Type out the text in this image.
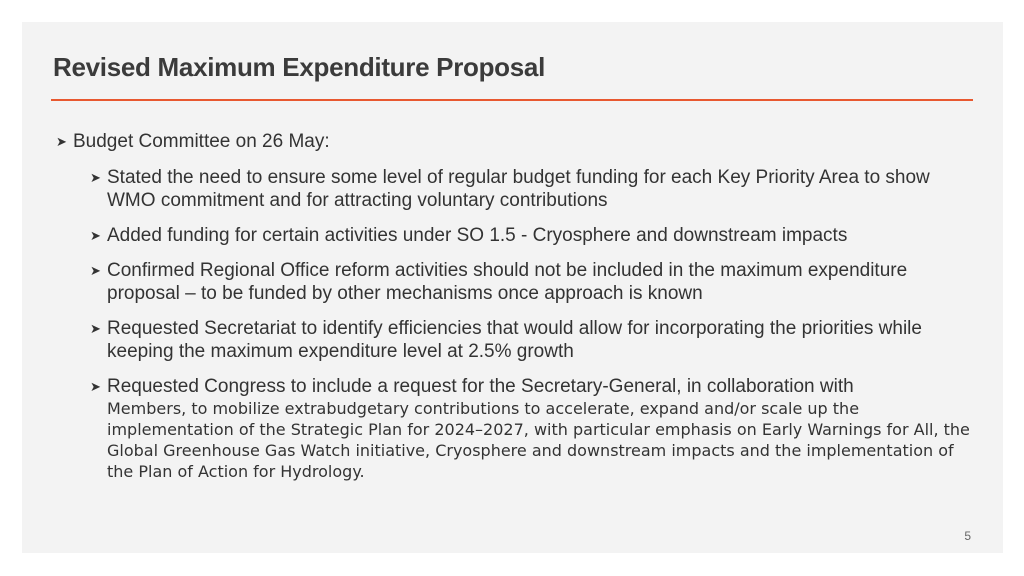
Revised Maximum Expenditure Proposal
➤ Budget Committee on 26 May:
➤ Stated the need to ensure some level of regular budget funding for each Key Priority Area to show WMO commitment and for attracting voluntary contributions
➤ Added funding for certain activities under SO 1.5 - Cryosphere and downstream impacts
➤ Confirmed Regional Office reform activities should not be included in the maximum expenditure proposal – to be funded by other mechanisms once approach is known
➤ Requested Secretariat to identify efficiencies that would allow for incorporating the priorities while keeping the maximum expenditure level at 2.5% growth
➤ Requested Congress to include a request for the Secretary-General, in collaboration with
Members, to mobilize extrabudgetary contributions to accelerate, expand and/or scale up the implementation of the Strategic Plan for 2024–2027, with particular emphasis on Early Warnings for All, the Global Greenhouse Gas Watch initiative, Cryosphere and downstream impacts and the implementation of the Plan of Action for Hydrology.
5
